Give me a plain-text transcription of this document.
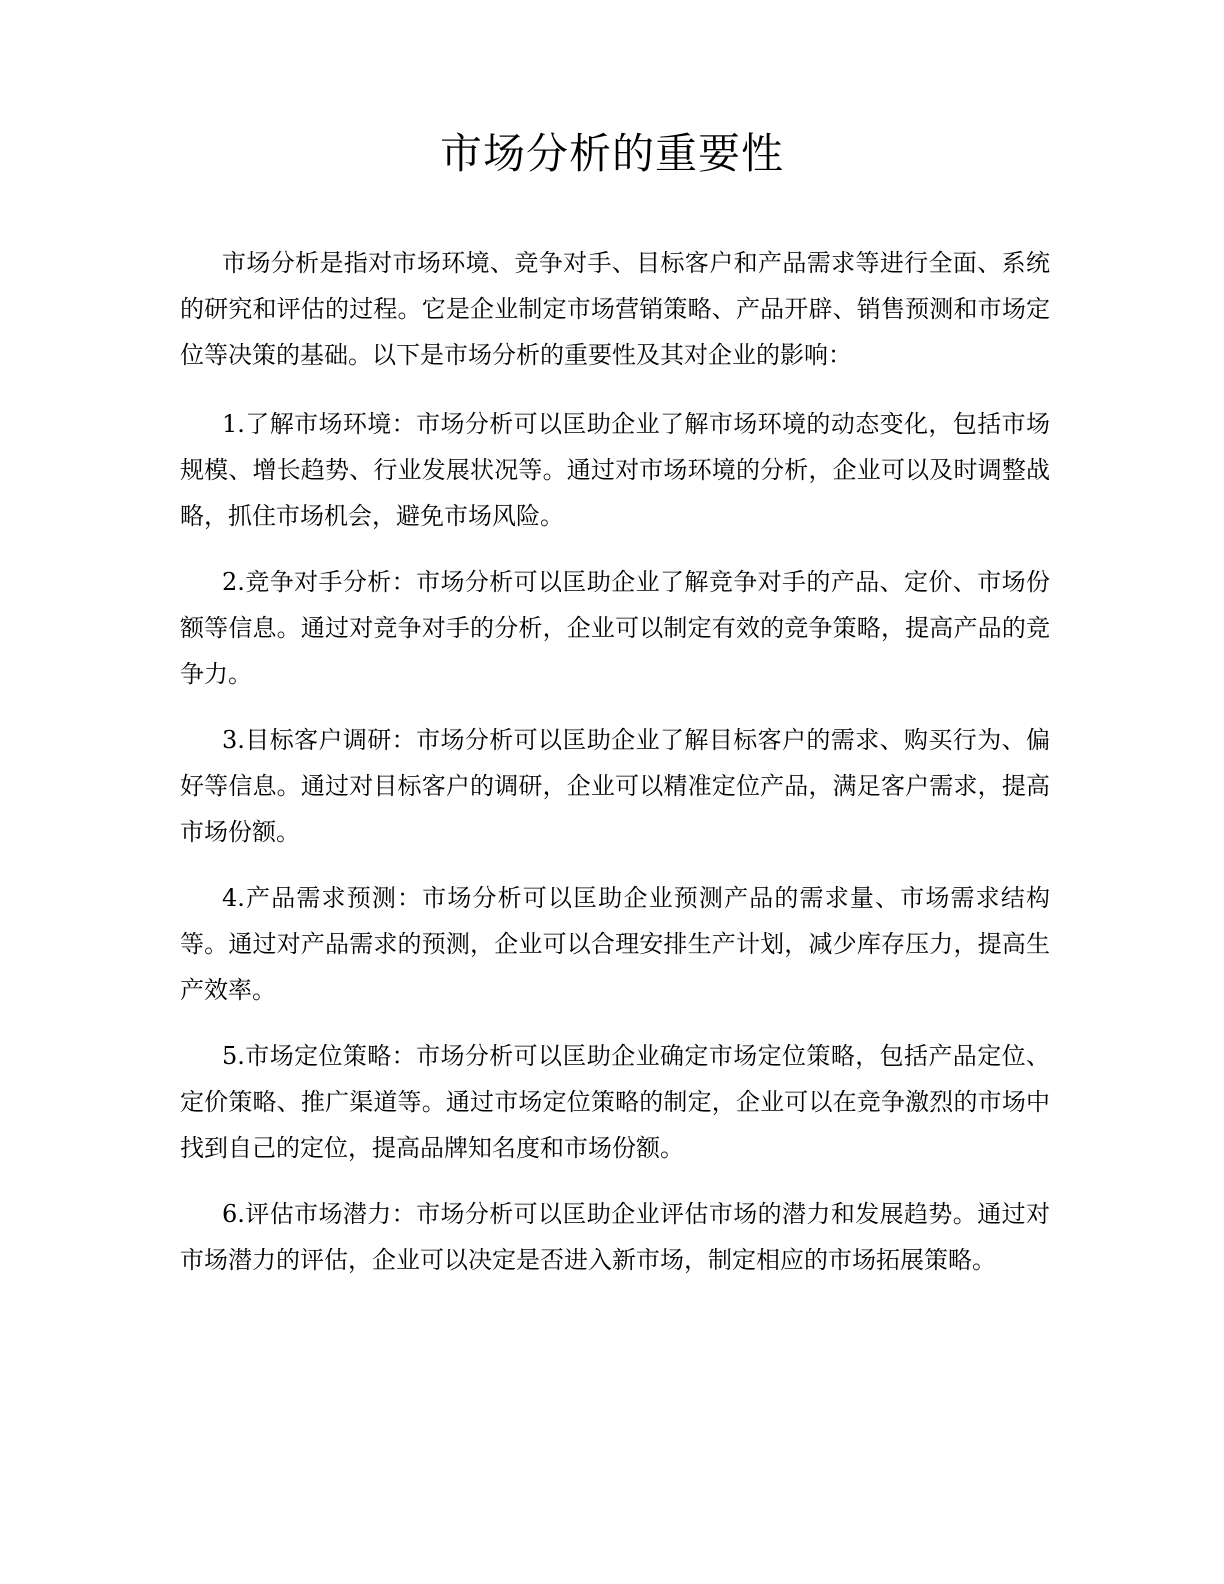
市场分析的重要性

市场分析是指对市场环境、竞争对手、目标客户和产品需求等进行全面、系统的研究和评估的过程。它是企业制定市场营销策略、产品开辟、销售预测和市场定位等决策的基础。以下是市场分析的重要性及其对企业的影响：

1.了解市场环境：市场分析可以匡助企业了解市场环境的动态变化，包括市场规模、增长趋势、行业发展状况等。通过对市场环境的分析，企业可以及时调整战略，抓住市场机会，避免市场风险。

2.竞争对手分析：市场分析可以匡助企业了解竞争对手的产品、定价、市场份额等信息。通过对竞争对手的分析，企业可以制定有效的竞争策略，提高产品的竞争力。

3.目标客户调研：市场分析可以匡助企业了解目标客户的需求、购买行为、偏好等信息。通过对目标客户的调研，企业可以精准定位产品，满足客户需求，提高市场份额。

4.产品需求预测：市场分析可以匡助企业预测产品的需求量、市场需求结构等。通过对产品需求的预测，企业可以合理安排生产计划，减少库存压力，提高生产效率。

5.市场定位策略：市场分析可以匡助企业确定市场定位策略，包括产品定位、定价策略、推广渠道等。通过市场定位策略的制定，企业可以在竞争激烈的市场中找到自己的定位，提高品牌知名度和市场份额。

6.评估市场潜力：市场分析可以匡助企业评估市场的潜力和发展趋势。通过对市场潜力的评估，企业可以决定是否进入新市场，制定相应的市场拓展策略。
